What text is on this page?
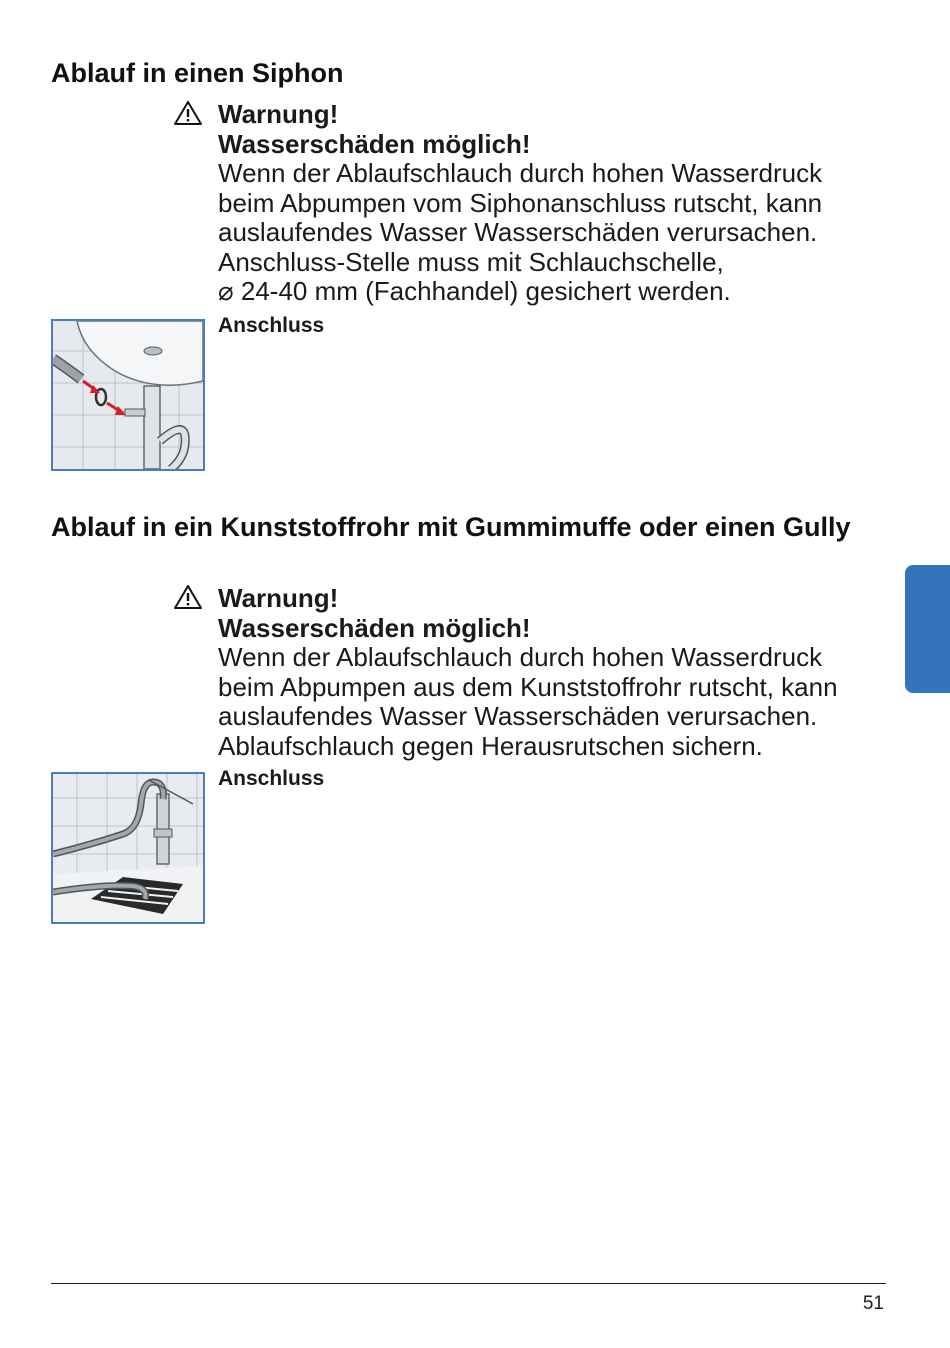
Ablauf in einen Siphon
Warnung!
Wasserschäden möglich!
Wenn der Ablaufschlauch durch hohen Wasserdruck
beim Abpumpen vom Siphonanschluss rutscht, kann
auslaufendes Wasser Wasserschäden verursachen.
Anschluss-Stelle muss mit Schlauchschelle,
⌀ 24-40 mm (Fachhandel) gesichert werden.
Anschluss
Ablauf in ein Kunststoffrohr mit Gummimuffe oder einen Gully
Warnung!
Wasserschäden möglich!
Wenn der Ablaufschlauch durch hohen Wasserdruck
beim Abpumpen aus dem Kunststoffrohr rutscht, kann
auslaufendes Wasser Wasserschäden verursachen.
Ablaufschlauch gegen Herausrutschen sichern.
Anschluss
51
